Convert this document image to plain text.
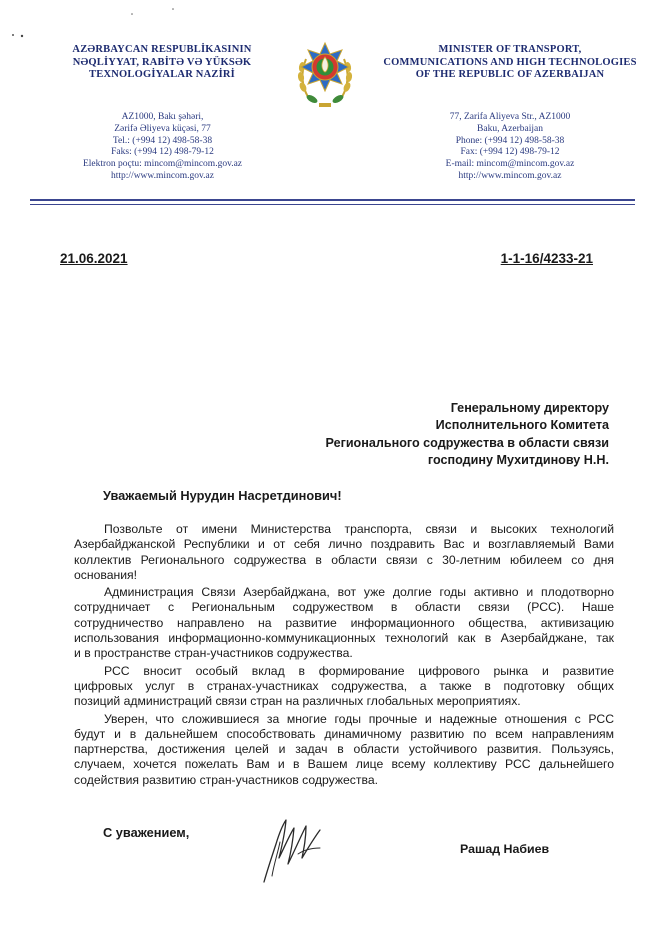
AZƏRBAYCAN RESPUBLİKASININ
NƏQLİYYAT, RABİTƏ VƏ YÜKSƏK
TEXNOLOGİYALAR NAZİRİ
MINISTER OF TRANSPORT,
COMMUNICATIONS AND HIGH TECHNOLOGIES
OF THE REPUBLIC OF AZERBAIJAN
AZ1000, Bakı şəhəri,
Zərifə Əliyeva küçəsi, 77
Tel.: (+994 12) 498-58-38
Faks: (+994 12) 498-79-12
Elektron poçtu: mincom@mincom.gov.az
http://www.mincom.gov.az
77, Zarifa Aliyeva Str., AZ1000
Baku, Azerbaijan
Phone: (+994 12) 498-58-38
Fax: (+994 12) 498-79-12
E-mail: mincom@mincom.gov.az
http://www.mincom.gov.az
21.06.2021	1-1-16/4233-21
Генеральному директору
Исполнительного Комитета
Регионального содружества в области связи
господину Мухитдинову Н.Н.
Уважаемый Нурудин Насретдинович!
Позвольте от имени Министерства транспорта, связи и высоких технологий
Азербайджанской Республики и от себя лично поздравить Вас и возглавляемый Вами
коллектив Регионального содружества в области связи с 30-летним юбилеем со дня
основания!
Администрация Связи Азербайджана, вот уже долгие годы активно и плодотворно
сотрудничает с Региональным содружеством в области связи (РСС). Наше
сотрудничество направлено на развитие информационного общества, активизацию
использования информационно-коммуникационных технологий как в Азербайджане, так
и в пространстве стран-участников содружества.
РСС вносит особый вклад в формирование цифрового рынка и развитие
цифровых услуг в странах-участниках содружества, а также в подготовку общих
позиций администраций связи стран на различных глобальных мероприятиях.
Уверен, что сложившиеся за многие годы прочные и надежные отношения с РСС
будут и в дальнейшем способствовать динамичному развитию по всем направлениям
партнерства, достижения целей и задач в области устойчивого развития. Пользуясь,
случаем, хочется пожелать Вам и в Вашем лице всему коллективу РСС дальнейшего
содействия развитию стран-участников содружества.
С уважением,
Рашад Набиев
